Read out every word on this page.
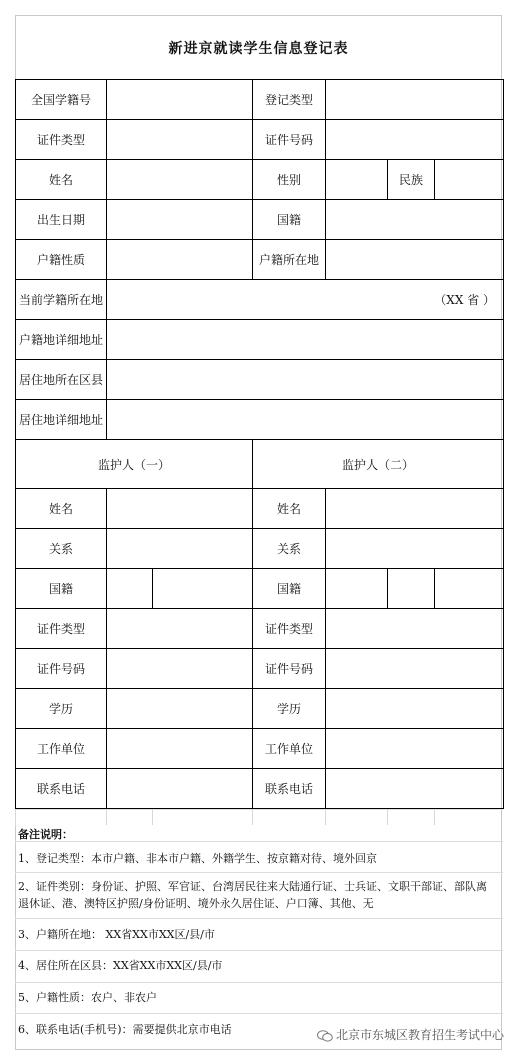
新进京就读学生信息登记表
全国学籍号			登记类型			
证件类型			证件号码			
姓名			性别		民族	
出生日期			国籍			
户籍性质			户籍所在地			
当前学籍所在地	（XX 省 ）					
户籍地详细地址						
居住地所在区县						
居住地详细地址						
监护人（一）			监护人（二）			
姓名			姓名			
关系			关系			
国籍			国籍			
证件类型			证件类型			
证件号码			证件号码			
学历			学历			
工作单位			工作单位			
联系电话			联系电话			
备注说明：
1、登记类型：本市户籍、非本市户籍、外籍学生、按京籍对待、境外回京
2、证件类别：身份证、护照、军官证、台湾居民往来大陆通行证、士兵证、文职干部证、部队离退休证、港、澳特区护照/身份证明、境外永久居住证、户口簿、其他、无
3、户籍所在地： XX省XX市XX区/县/市
4、居住所在区县：XX省XX市XX区/县/市
5、户籍性质：农户、非农户
6、联系电话(手机号)：需要提供北京市电话	北京市东城区教育招生考试中心
